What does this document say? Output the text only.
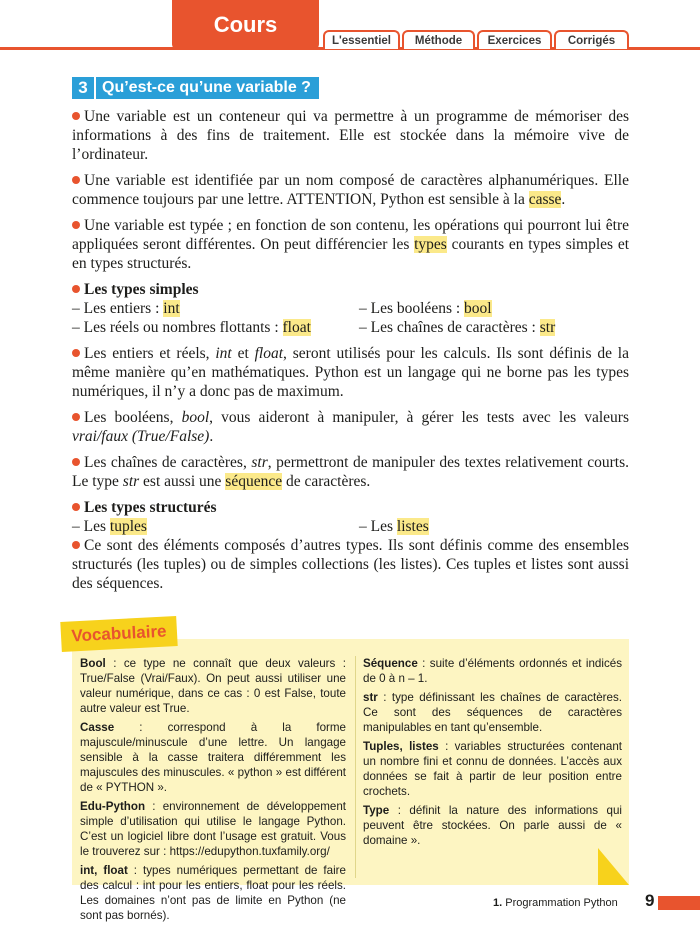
Cours
L'essentiel	Méthode	Exercices	Corrigés
3 Qu’est-ce qu’une variable ?

Une variable est un conteneur qui va permettre à un programme de mémoriser des informations à des fins de traitement. Elle est stockée dans la mémoire vive de l’ordinateur.

Une variable est identifiée par un nom composé de caractères alphanumériques. Elle commence toujours par une lettre. ATTENTION, Python est sensible à la casse.

Une variable est typée ; en fonction de son contenu, les opérations qui pourront lui être appliquées seront différentes. On peut différencier les types courants en types simples et en types structurés.

Les types simples
– Les entiers : int	– Les booléens : bool
– Les réels ou nombres flottants : float	– Les chaînes de caractères : str

Les entiers et réels, int et float, seront utilisés pour les calculs. Ils sont définis de la même manière qu’en mathématiques. Python est un langage qui ne borne pas les types numériques, il n’y a donc pas de maximum.

Les booléens, bool, vous aideront à manipuler, à gérer les tests avec les valeurs vrai/faux (True/False).

Les chaînes de caractères, str, permettront de manipuler des textes relativement courts. Le type str est aussi une séquence de caractères.

Les types structurés
– Les tuples	– Les listes

Ce sont des éléments composés d’autres types. Ils sont définis comme des ensembles structurés (les tuples) ou de simples collections (les listes). Ces tuples et listes sont aussi des séquences.

Vocabulaire

Bool : ce type ne connaît que deux valeurs : True/False (Vrai/Faux). On peut aussi utiliser une valeur numérique, dans ce cas : 0 est False, toute autre valeur est True.

Casse : correspond à la forme majuscule/minuscule d’une lettre. Un langage sensible à la casse traitera différemment les majuscules des minuscules. « python » est différent de « PYTHON ».

Edu-Python : environnement de développement simple d’utilisation qui utilise le langage Python. C’est un logiciel libre dont l’usage est gratuit. Vous le trouverez sur : https://edupython.tuxfamily.org/

int, float : types numériques permettant de faire des calcul : int pour les entiers, float pour les réels. Les domaines n’ont pas de limite en Python (ne sont pas bornés).

Séquence : suite d’éléments ordonnés et indicés de 0 à n – 1.

str : type définissant les chaînes de caractères. Ce sont des séquences de caractères manipulables en tant qu’ensemble.

Tuples, listes : variables structurées contenant un nombre fini et connu de données. L’accès aux données se fait à partir de leur position entre crochets.

Type : définit la nature des informations qui peuvent être stockées. On parle aussi de « domaine ».

1. Programmation Python 9
